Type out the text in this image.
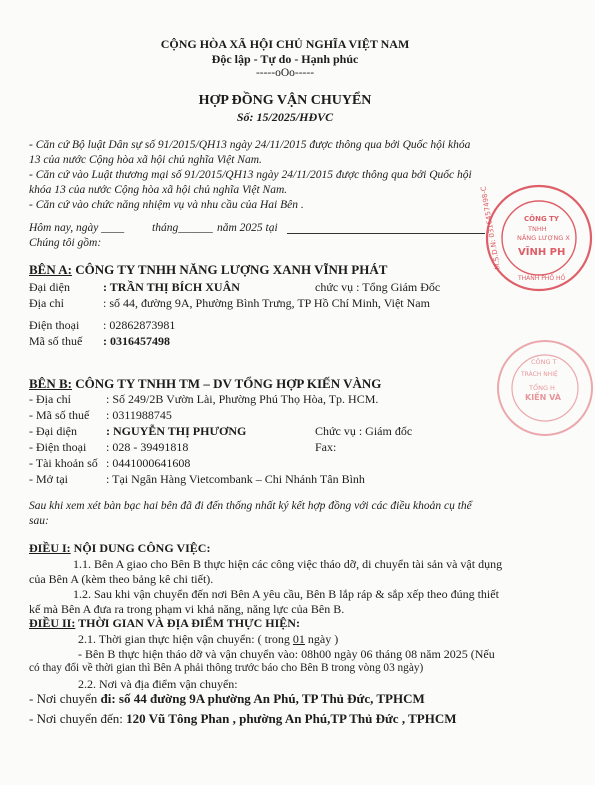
CỘNG HÒA XÃ HỘI CHỦ NGHĨA VIỆT NAM
Độc lập - Tự do - Hạnh phúc
-----oOo-----
HỢP ĐỒNG VẬN CHUYỂN
Số: 15/2025/HĐVC
- Căn cứ Bộ luật Dân sự số 91/2015/QH13 ngày 24/11/2015 được thông qua bởi Quốc hội khóa
13 của nước Cộng hòa xã hội chủ nghĩa Việt Nam.
- Căn cứ vào Luật thương mại số 91/2015/QH13 ngày 24/11/2015 được thông qua bởi Quốc hội
khóa 13 của nước Cộng hòa xã hội chủ nghĩa Việt Nam.
- Căn cứ vào chức năng nhiệm vụ và nhu cầu của Hai Bên .
Hôm nay, ngày ____ tháng______ năm 2025 tại
Chúng tôi gồm:
BÊN A: CÔNG TY TNHH NĂNG LƯỢNG XANH VĨNH PHÁT
Đại diện	: TRẦN THỊ BÍCH XUÂN	chức vụ : Tổng Giám Đốc
Địa chỉ	: số 44, đường 9A, Phường Bình Trưng, TP Hồ Chí Minh, Việt Nam
Điện thoại : 02862873981
Mã số thuế : 0316457498
BÊN B: CÔNG TY TNHH TM – DV TỔNG HỢP KIẾN VÀNG
- Địa chỉ	: Số 249/2B Vườn Lài, Phường Phú Thọ Hòa, Tp. HCM.
- Mã số thuế : 0311988745
- Đại diện : NGUYỄN THỊ PHƯƠNG	Chức vụ : Giám đốc
- Điện thoại : 028 - 39491818	Fax:
- Tài khoản số : 0441000641608
- Mở tại	: Tại Ngân Hàng Vietcombank – Chi Nhánh Tân Bình
Sau khi xem xét bàn bạc hai bên đã đi đến thống nhất ký kết hợp đồng với các điều khoản cụ thể
sau:
ĐIỀU I: NỘI DUNG CÔNG VIỆC:
1.1. Bên A giao cho Bên B thực hiện các công việc tháo dỡ, di chuyển tài sản và vật dụng
của Bên A (kèm theo bảng kê chi tiết).
1.2. Sau khi vận chuyển đến nơi Bên A yêu cầu, Bên B lắp ráp & sắp xếp theo đúng thiết
kế mà Bên A đưa ra trong phạm vi khả năng, năng lực của Bên B.
ĐIỀU II: THỜI GIAN VÀ ĐỊA ĐIỂM THỰC HIỆN:
2.1. Thời gian thực hiện vận chuyển: ( trong 01 ngày )
- Bên B thực hiện tháo dỡ và vận chuyển vào: 08h00 ngày 06 tháng 08 năm 2025 (Nếu
có thay đổi về thời gian thì Bên A phải thông trước báo cho Bên B trong vòng 03 ngày)
2.2. Nơi và địa điểm vận chuyển:
- Nơi chuyển đi: số 44 đường 9A phường An Phú, TP Thủ Đức, TPHCM
- Nơi chuyển đến: 120 Vũ Tông Phan , phường An Phú,TP Thủ Đức , TPHCM
M.S.D.N: 0316457498-C	CÔNG TY
TNHH
NĂNG LƯỢNG X
VĨNH PH
THÀNH PHỐ HỒ
CÔNG T
TRÁCH NHIỆ
TỔNG H
KIẾN VÀ
